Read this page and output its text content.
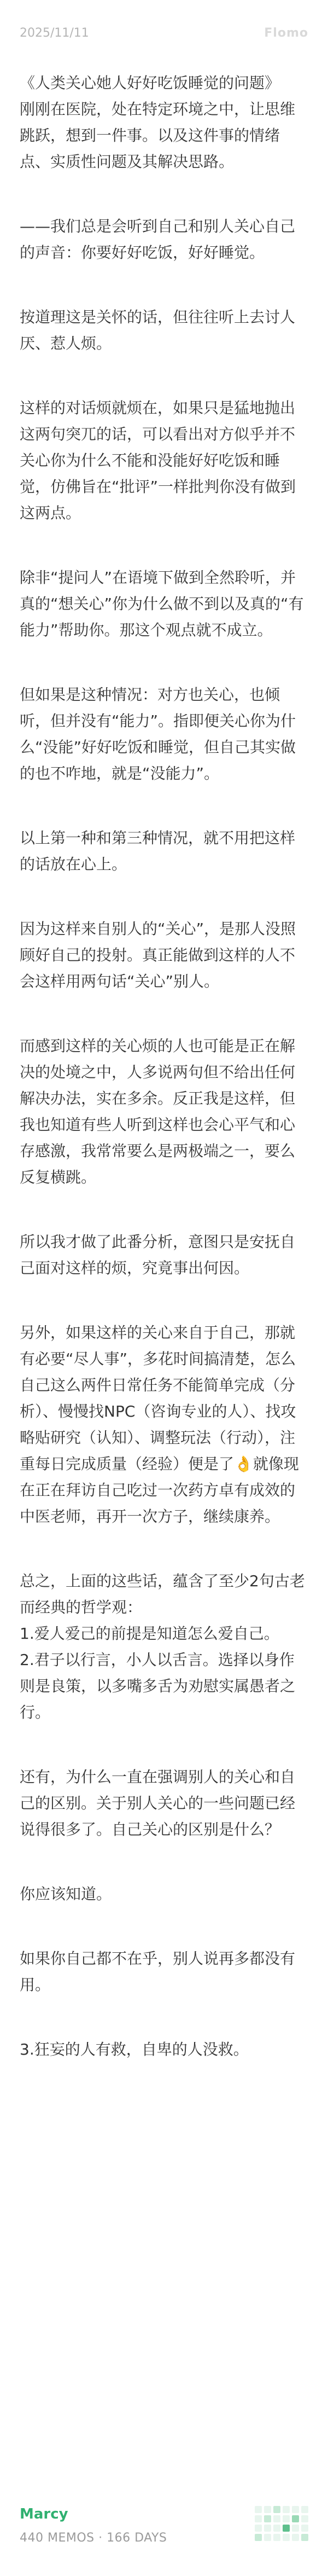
2025/11/11	Flomo

《人类关心她人好好吃饭睡觉的问题》
刚刚在医院，处在特定环境之中，让思维跳跃，想到一件事。以及这件事的情绪点、实质性问题及其解决思路。

——我们总是会听到自己和别人关心自己的声音：你要好好吃饭，好好睡觉。

按道理这是关怀的话，但往往听上去讨人厌、惹人烦。

这样的对话烦就烦在，如果只是猛地抛出这两句突兀的话，可以看出对方似乎并不关心你为什么不能和没能好好吃饭和睡觉，仿佛旨在“批评”一样批判你没有做到这两点。

除非“提问人”在语境下做到全然聆听，并真的“想关心”你为什么做不到以及真的“有能力”帮助你。那这个观点就不成立。

但如果是这种情况：对方也关心，也倾听，但并没有“能力”。指即便关心你为什么“没能”好好吃饭和睡觉，但自己其实做的也不咋地，就是“没能力”。

以上第一种和第三种情况，就不用把这样的话放在心上。

因为这样来自别人的“关心”，是那人没照顾好自己的投射。真正能做到这样的人不会这样用两句话“关心”别人。

而感到这样的关心烦的人也可能是正在解决的处境之中，人多说两句但不给出任何解决办法，实在多余。反正我是这样，但我也知道有些人听到这样也会心平气和心存感激，我常常要么是两极端之一，要么反复横跳。

所以我才做了此番分析，意图只是安抚自己面对这样的烦，究竟事出何因。

另外，如果这样的关心来自于自己，那就有必要“尽人事”，多花时间搞清楚，怎么自己这么两件日常任务不能简单完成（分析）、慢慢找NPC（咨询专业的人）、找攻略贴研究（认知）、调整玩法（行动），注重每日完成质量（经验）便是了👌就像现在正在拜访自己吃过一次药方卓有成效的中医老师，再开一次方子，继续康养。

总之，上面的这些话，蕴含了至少2句古老而经典的哲学观：
1.爱人爱己的前提是知道怎么爱自己。
2.君子以行言，小人以舌言。选择以身作则是良策，以多嘴多舌为劝慰实属愚者之行。

还有，为什么一直在强调别人的关心和自己的区别。关于别人关心的一些问题已经说得很多了。自己关心的区别是什么？

你应该知道。

如果你自己都不在乎，别人说再多都没有用。

3.狂妄的人有救，自卑的人没救。

Marcy
440 MEMOS · 166 DAYS
